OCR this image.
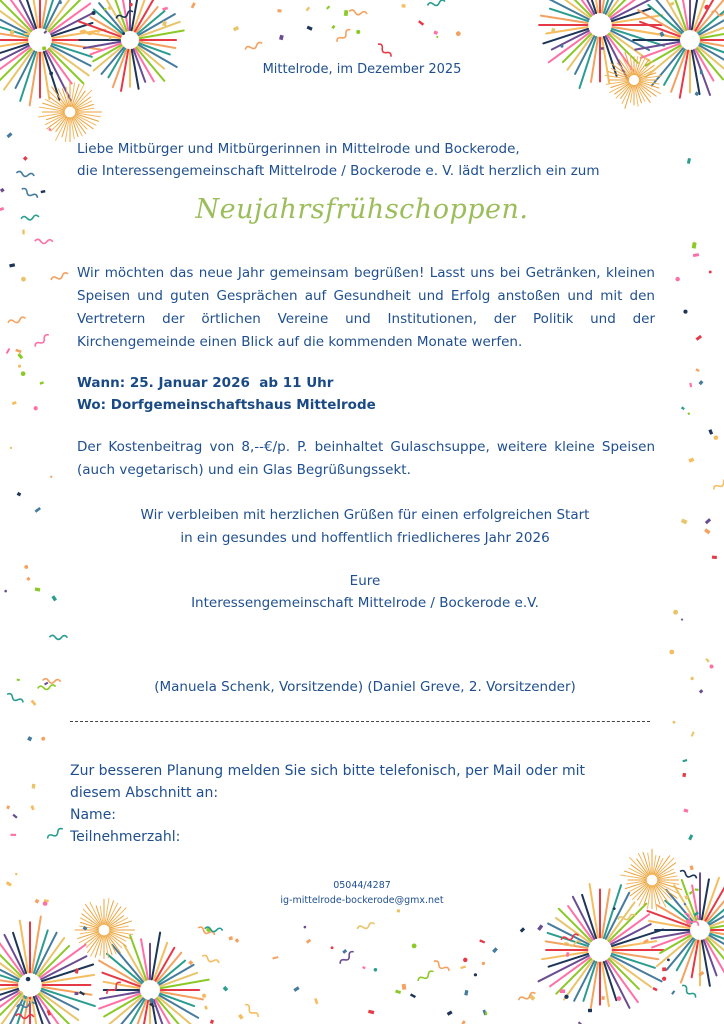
Mittelrode, im Dezember 2025

Liebe Mitbürger und Mitbürgerinnen in Mittelrode und Bockerode,
die Interessengemeinschaft Mittelrode / Bockerode e. V. lädt herzlich ein zum

Neujahrsfrühschoppen.

Wir möchten das neue Jahr gemeinsam begrüßen! Lasst uns bei Getränken, kleinen Speisen und guten Gesprächen auf Gesundheit und Erfolg anstoßen und mit den Vertretern der örtlichen Vereine und Institutionen, der Politik und der Kirchengemeinde einen Blick auf die kommenden Monate werfen.

Wann: 25. Januar 2026  ab 11 Uhr
Wo: Dorfgemeinschaftshaus Mittelrode

Der Kostenbeitrag von 8,--€/p. P. beinhaltet Gulaschsuppe, weitere kleine Speisen (auch vegetarisch) und ein Glas Begrüßungssekt.

Wir verbleiben mit herzlichen Grüßen für einen erfolgreichen Start
in ein gesundes und hoffentlich friedlicheres Jahr 2026
Eure
Interessengemeinschaft Mittelrode / Bockerode e.V.

(Manuela Schenk, Vorsitzende) (Daniel Greve, 2. Vorsitzender)

Zur besseren Planung melden Sie sich bitte telefonisch, per Mail oder mit
diesem Abschnitt an:
Name:
Teilnehmerzahl:
05044/4287
ig-mittelrode-bockerode@gmx.net
